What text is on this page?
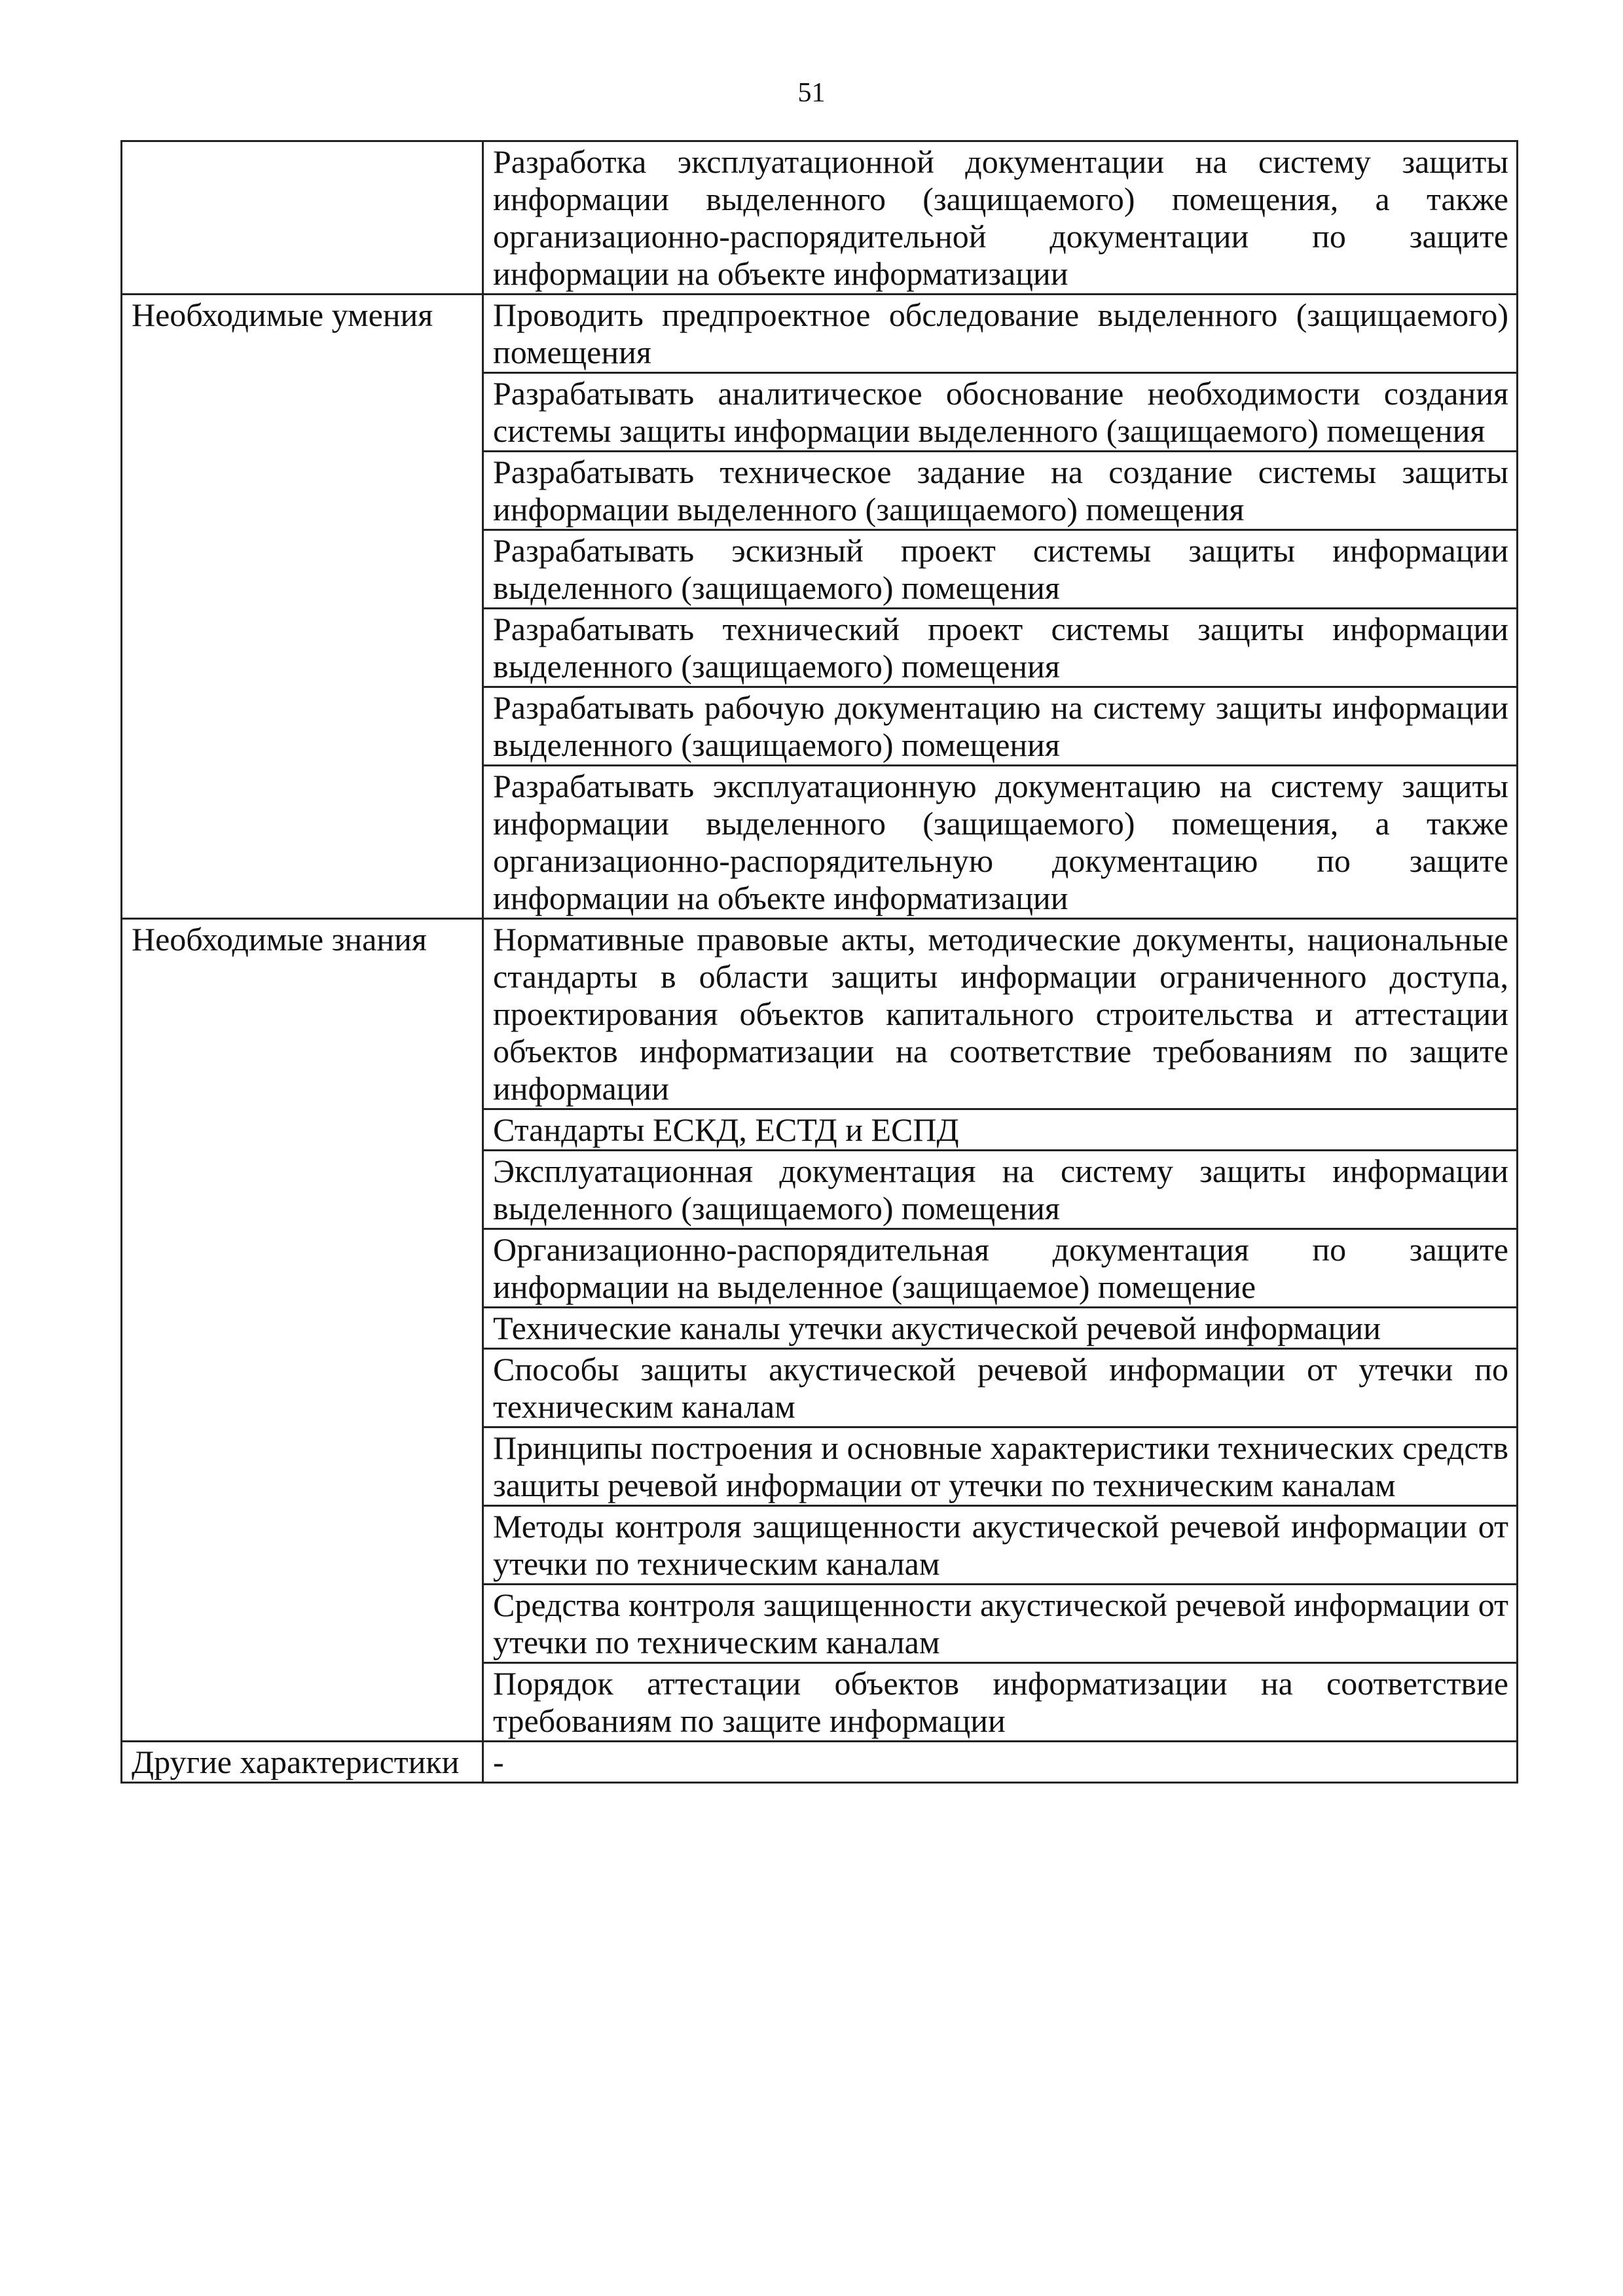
51
	Разработка эксплуатационной документации на систему защиты информации выделенного (защищаемого) помещения, а также организационно-распорядительной документации по защите информации на объекте информатизации
Необходимые умения	Проводить предпроектное обследование выделенного (защищаемого) помещения
	Разрабатывать аналитическое обоснование необходимости создания системы защиты информации выделенного (защищаемого) помещения
	Разрабатывать техническое задание на создание системы защиты информации выделенного (защищаемого) помещения
	Разрабатывать эскизный проект системы защиты информации выделенного (защищаемого) помещения
	Разрабатывать технический проект системы защиты информации выделенного (защищаемого) помещения
	Разрабатывать рабочую документацию на систему защиты информации выделенного (защищаемого) помещения
	Разрабатывать эксплуатационную документацию на систему защиты информации выделенного (защищаемого) помещения, а также организационно-распорядительную документацию по защите информации на объекте информатизации
Необходимые знания	Нормативные правовые акты, методические документы, национальные стандарты в области защиты информации ограниченного доступа, проектирования объектов капитального строительства и аттестации объектов информатизации на соответствие требованиям по защите информации
	Стандарты ЕСКД, ЕСТД и ЕСПД
	Эксплуатационная документация на систему защиты информации выделенного (защищаемого) помещения
	Организационно-распорядительная документация по защите информации на выделенное (защищаемое) помещение
	Технические каналы утечки акустической речевой информации
	Способы защиты акустической речевой информации от утечки по техническим каналам
	Принципы построения и основные характеристики технических средств защиты речевой информации от утечки по техническим каналам
	Методы контроля защищенности акустической речевой информации от утечки по техническим каналам
	Средства контроля защищенности акустической речевой информации от утечки по техническим каналам
	Порядок аттестации объектов информатизации на соответствие требованиям по защите информации
Другие характеристики	-
